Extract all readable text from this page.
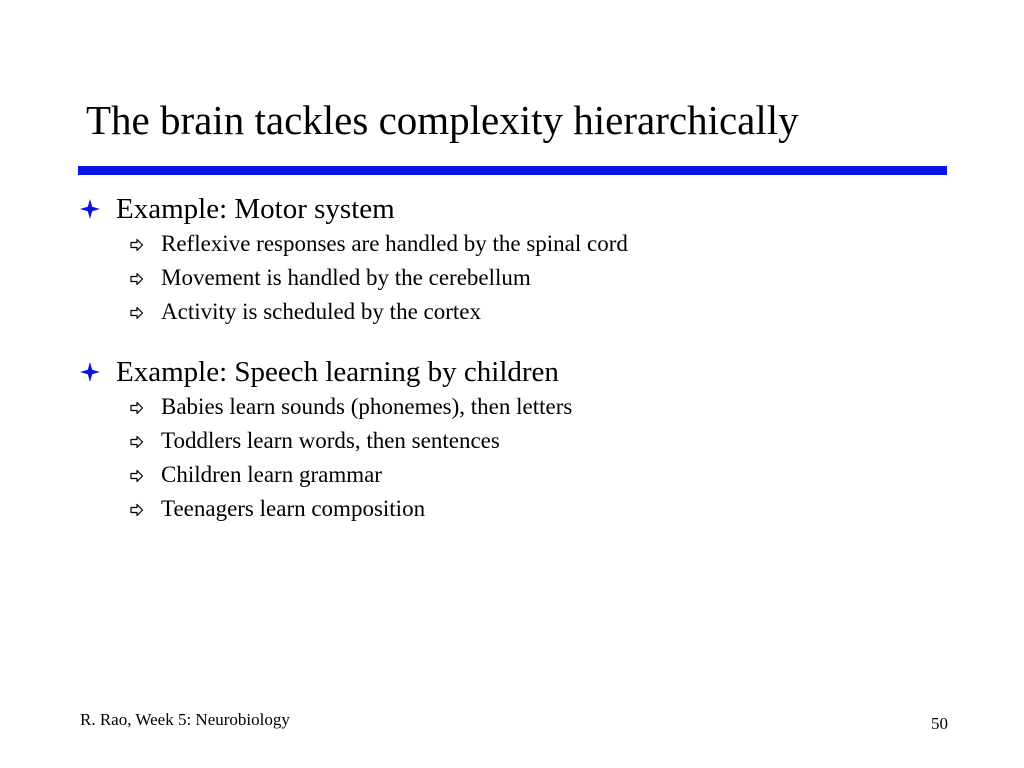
The brain tackles complexity hierarchically
Example: Motor system
Reflexive responses are handled by the spinal cord
Movement is handled by the cerebellum
Activity is scheduled by the cortex
Example: Speech learning by children
Babies learn sounds (phonemes), then letters
Toddlers learn words, then sentences
Children learn grammar
Teenagers learn composition
R. Rao, Week 5: Neurobiology	50
